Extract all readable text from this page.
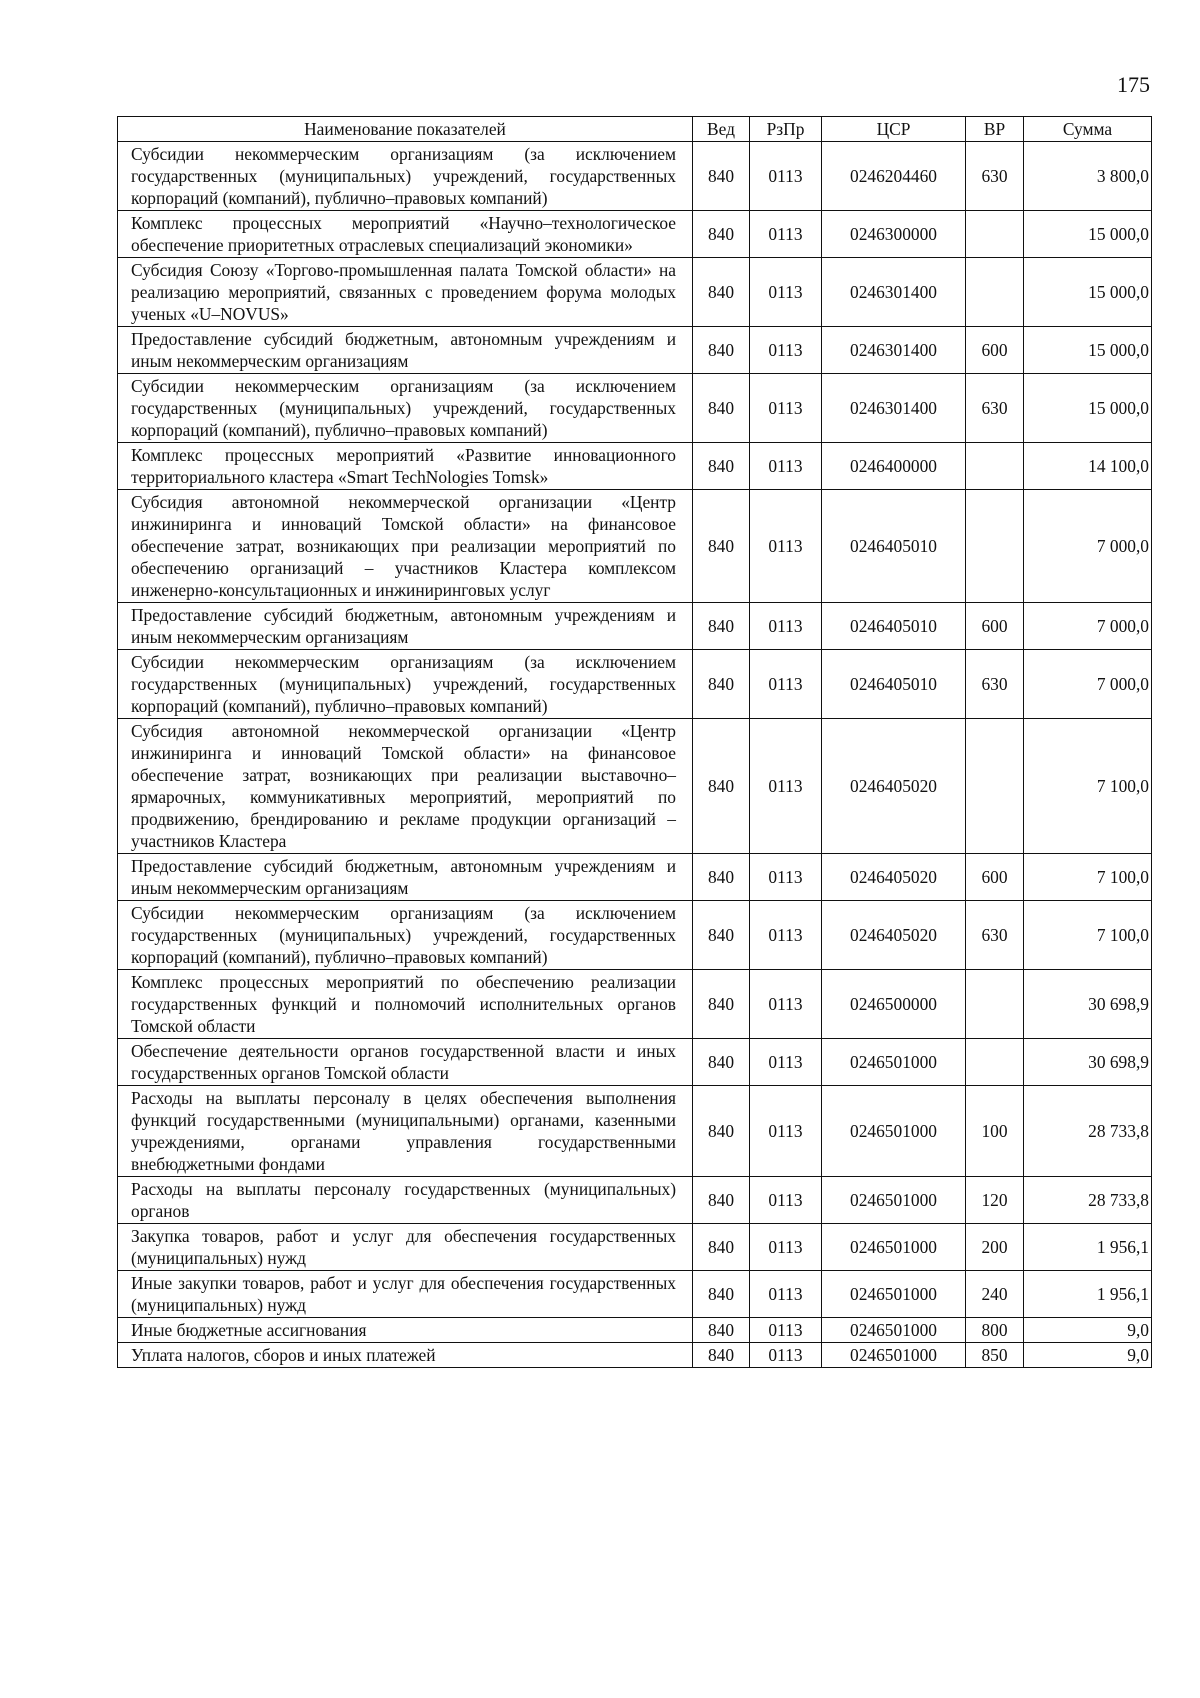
175
Наименование показателей	Вед	РзПр	ЦСР	ВР	Сумма
Субсидии некоммерческим организациям (за исключением государственных (муниципальных) учреждений, государственных корпораций (компаний), публично–правовых компаний)	840	0113	0246204460	630	3 800,0
Комплекс процессных мероприятий «Научно–технологическое обеспечение приоритетных отраслевых специализаций экономики»	840	0113	0246300000		15 000,0
Субсидия Союзу «Торгово-промышленная палата Томской области» на реализацию мероприятий, связанных с проведением форума молодых ученых «U–NOVUS»	840	0113	0246301400		15 000,0
Предоставление субсидий бюджетным, автономным учреждениям и иным некоммерческим организациям	840	0113	0246301400	600	15 000,0
Субсидии некоммерческим организациям (за исключением государственных (муниципальных) учреждений, государственных корпораций (компаний), публично–правовых компаний)	840	0113	0246301400	630	15 000,0
Комплекс процессных мероприятий «Развитие инновационного территориального кластера «Smart TechNologies Tomsk»	840	0113	0246400000		14 100,0
Субсидия автономной некоммерческой организации «Центр инжиниринга и инноваций Томской области» на финансовое обеспечение затрат, возникающих при реализации мероприятий по обеспечению организаций – участников Кластера комплексом инженерно-консультационных и инжиниринговых услуг	840	0113	0246405010		7 000,0
Предоставление субсидий бюджетным, автономным учреждениям и иным некоммерческим организациям	840	0113	0246405010	600	7 000,0
Субсидии некоммерческим организациям (за исключением государственных (муниципальных) учреждений, государственных корпораций (компаний), публично–правовых компаний)	840	0113	0246405010	630	7 000,0
Субсидия автономной некоммерческой организации «Центр инжиниринга и инноваций Томской области» на финансовое обеспечение затрат, возникающих при реализации выставочно–ярмарочных, коммуникативных мероприятий, мероприятий по продвижению, брендированию и рекламе продукции организаций – участников Кластера	840	0113	0246405020		7 100,0
Предоставление субсидий бюджетным, автономным учреждениям и иным некоммерческим организациям	840	0113	0246405020	600	7 100,0
Субсидии некоммерческим организациям (за исключением государственных (муниципальных) учреждений, государственных корпораций (компаний), публично–правовых компаний)	840	0113	0246405020	630	7 100,0
Комплекс процессных мероприятий по обеспечению реализации государственных функций и полномочий исполнительных органов Томской области	840	0113	0246500000		30 698,9
Обеспечение деятельности органов государственной власти и иных государственных органов Томской области	840	0113	0246501000		30 698,9
Расходы на выплаты персоналу в целях обеспечения выполнения функций государственными (муниципальными) органами, казенными учреждениями, органами управления государственными внебюджетными фондами	840	0113	0246501000	100	28 733,8
Расходы на выплаты персоналу государственных (муниципальных) органов	840	0113	0246501000	120	28 733,8
Закупка товаров, работ и услуг для обеспечения государственных (муниципальных) нужд	840	0113	0246501000	200	1 956,1
Иные закупки товаров, работ и услуг для обеспечения государственных (муниципальных) нужд	840	0113	0246501000	240	1 956,1
Иные бюджетные ассигнования	840	0113	0246501000	800	9,0
Уплата налогов, сборов и иных платежей	840	0113	0246501000	850	9,0
